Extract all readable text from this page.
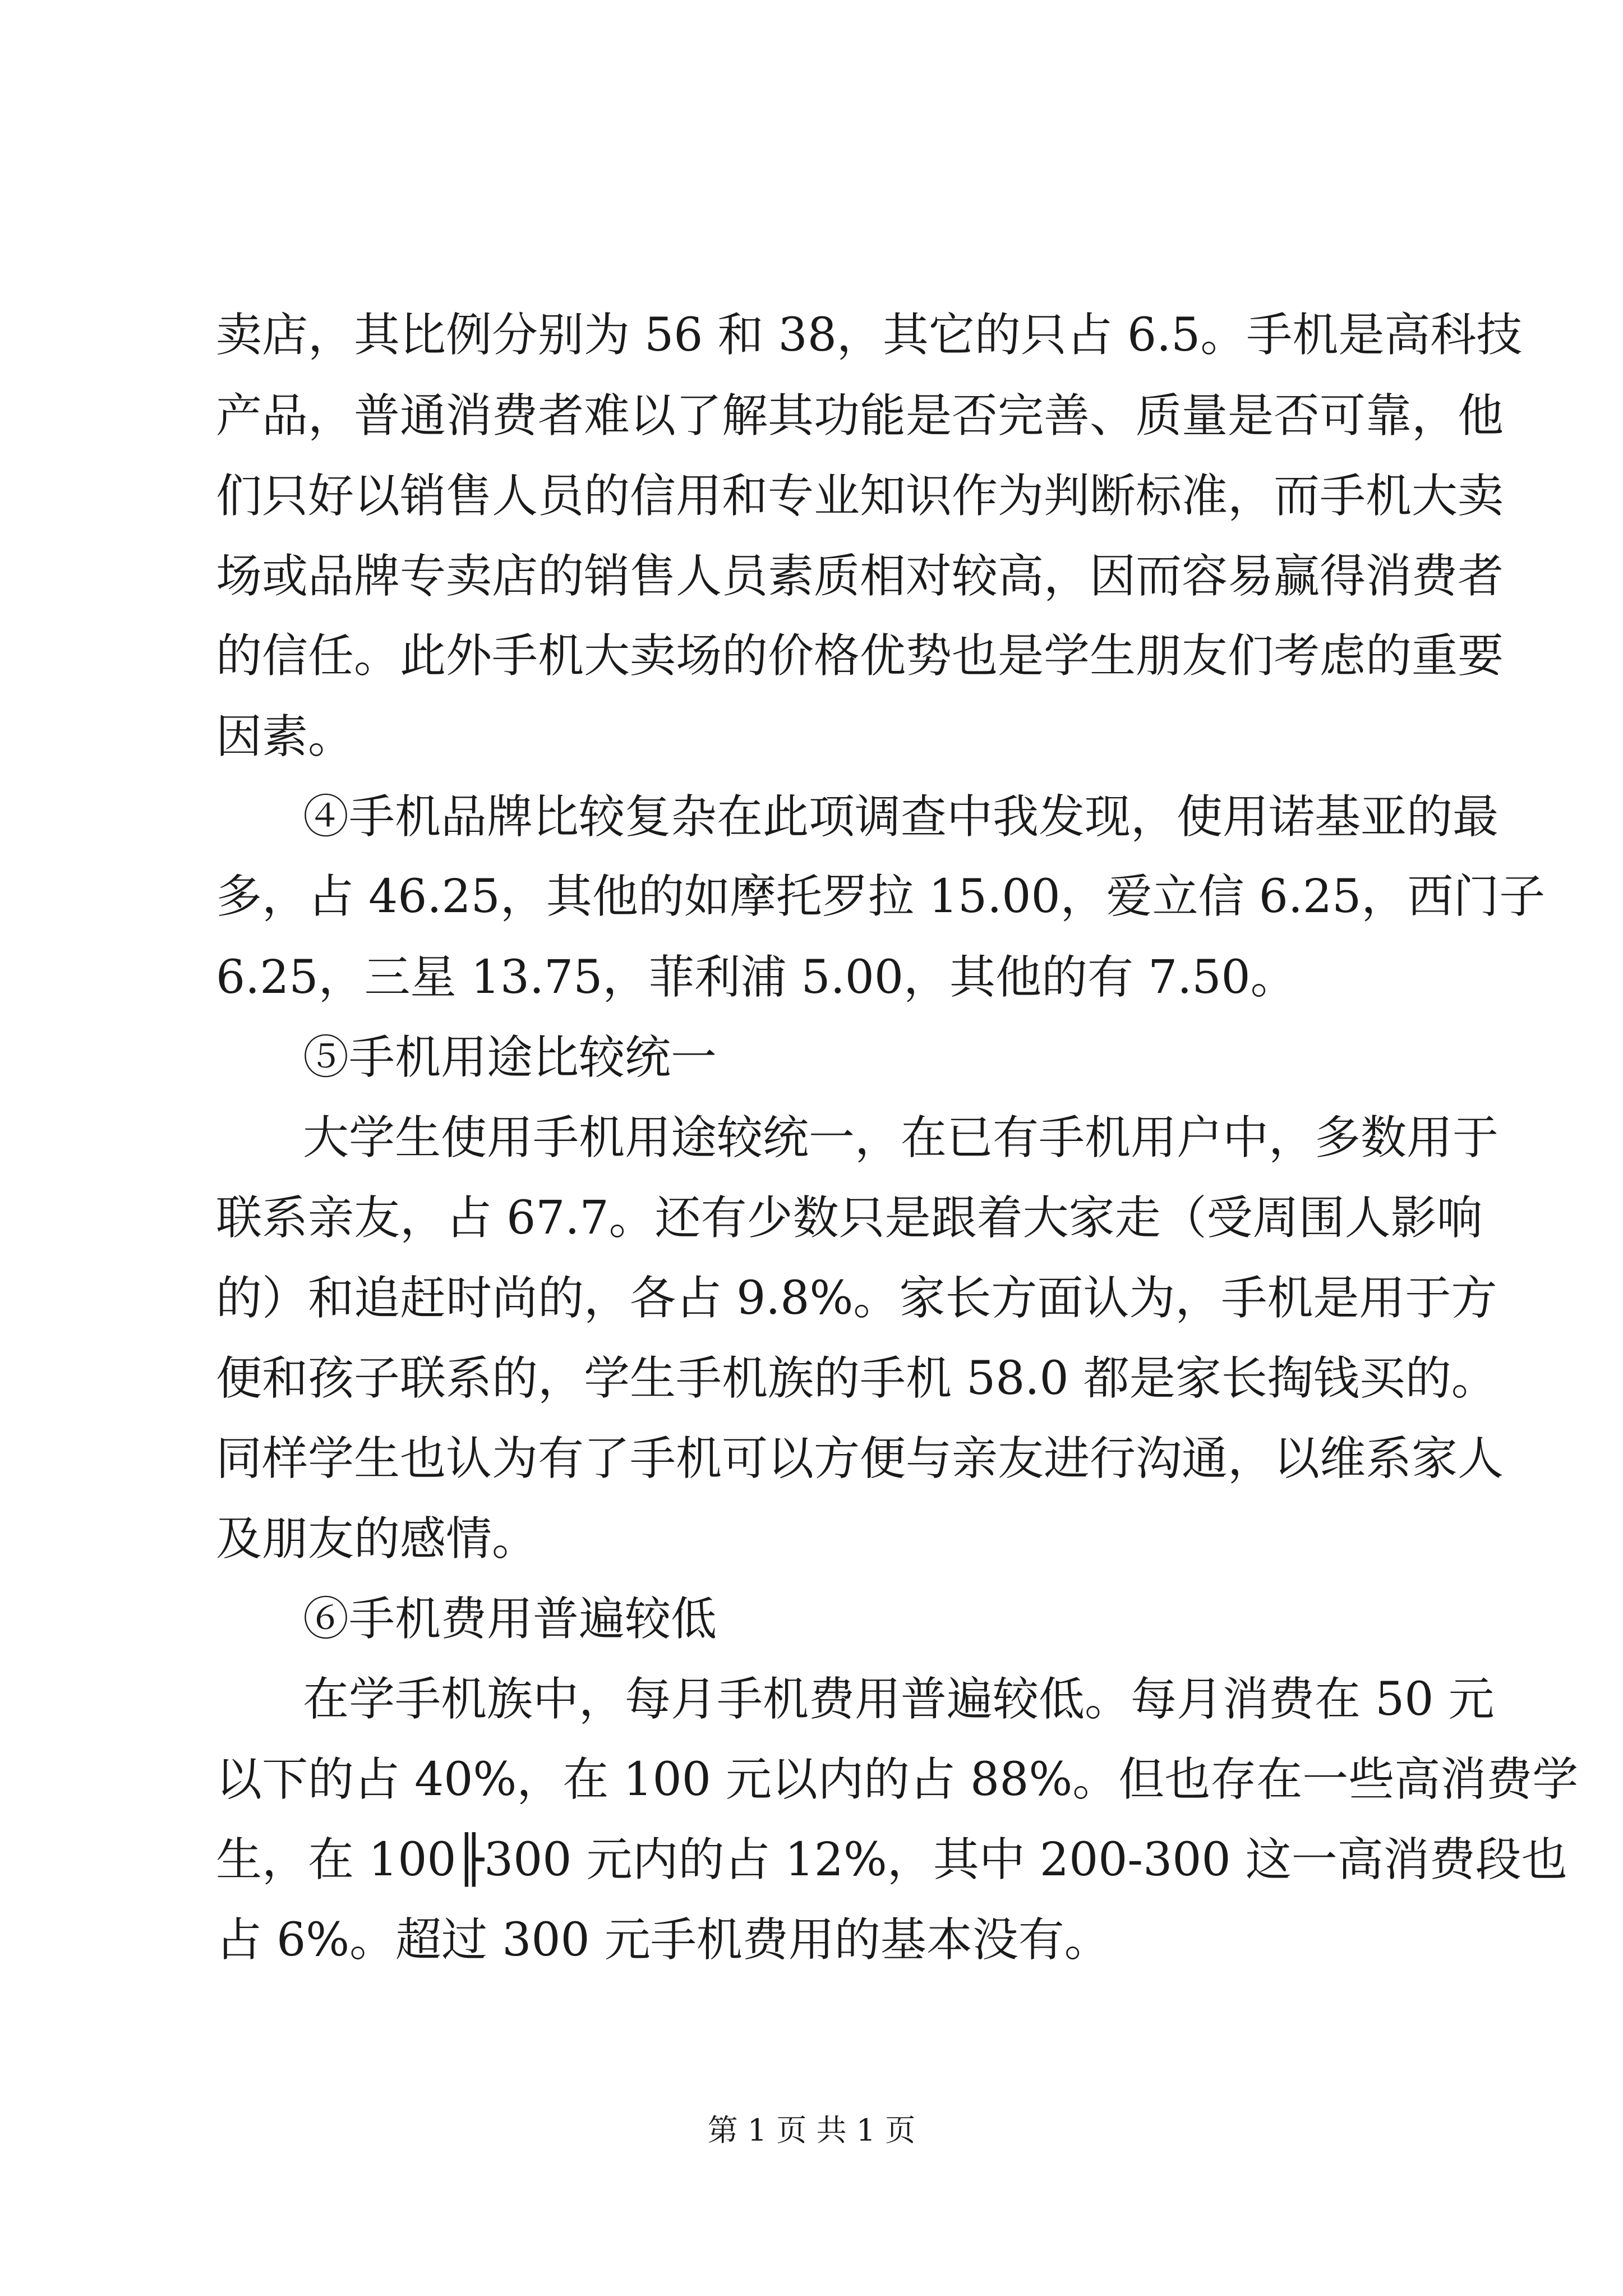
卖店，其比例分别为 56 和 38，其它的只占 6.5。手机是高科技
产品，普通消费者难以了解其功能是否完善、质量是否可靠，他
们只好以销售人员的信用和专业知识作为判断标准，而手机大卖
场或品牌专卖店的销售人员素质相对较高，因而容易赢得消费者
的信任。此外手机大卖场的价格优势也是学生朋友们考虑的重要
因素。
④手机品牌比较复杂在此项调查中我发现，使用诺基亚的最
多，占 46.25，其他的如摩托罗拉 15.00，爱立信 6.25，西门子
6.25，三星 13.75，菲利浦 5.00，其他的有 7.50。
⑤手机用途比较统一
大学生使用手机用途较统一，在已有手机用户中，多数用于
联系亲友，占 67.7。还有少数只是跟着大家走（受周围人影响
的）和追赶时尚的，各占 9.8%。家长方面认为，手机是用于方
便和孩子联系的，学生手机族的手机 58.0 都是家长掏钱买的。
同样学生也认为有了手机可以方便与亲友进行沟通，以维系家人
及朋友的感情。
⑥手机费用普遍较低
在学手机族中，每月手机费用普遍较低。每月消费在 50 元
以下的占 40%，在 100 元以内的占 88%。但也存在一些高消费学
生，在 100╟300 元内的占 12%，其中 200-300 这一高消费段也
占 6%。超过 300 元手机费用的基本没有。
第 1 页 共 1 页
